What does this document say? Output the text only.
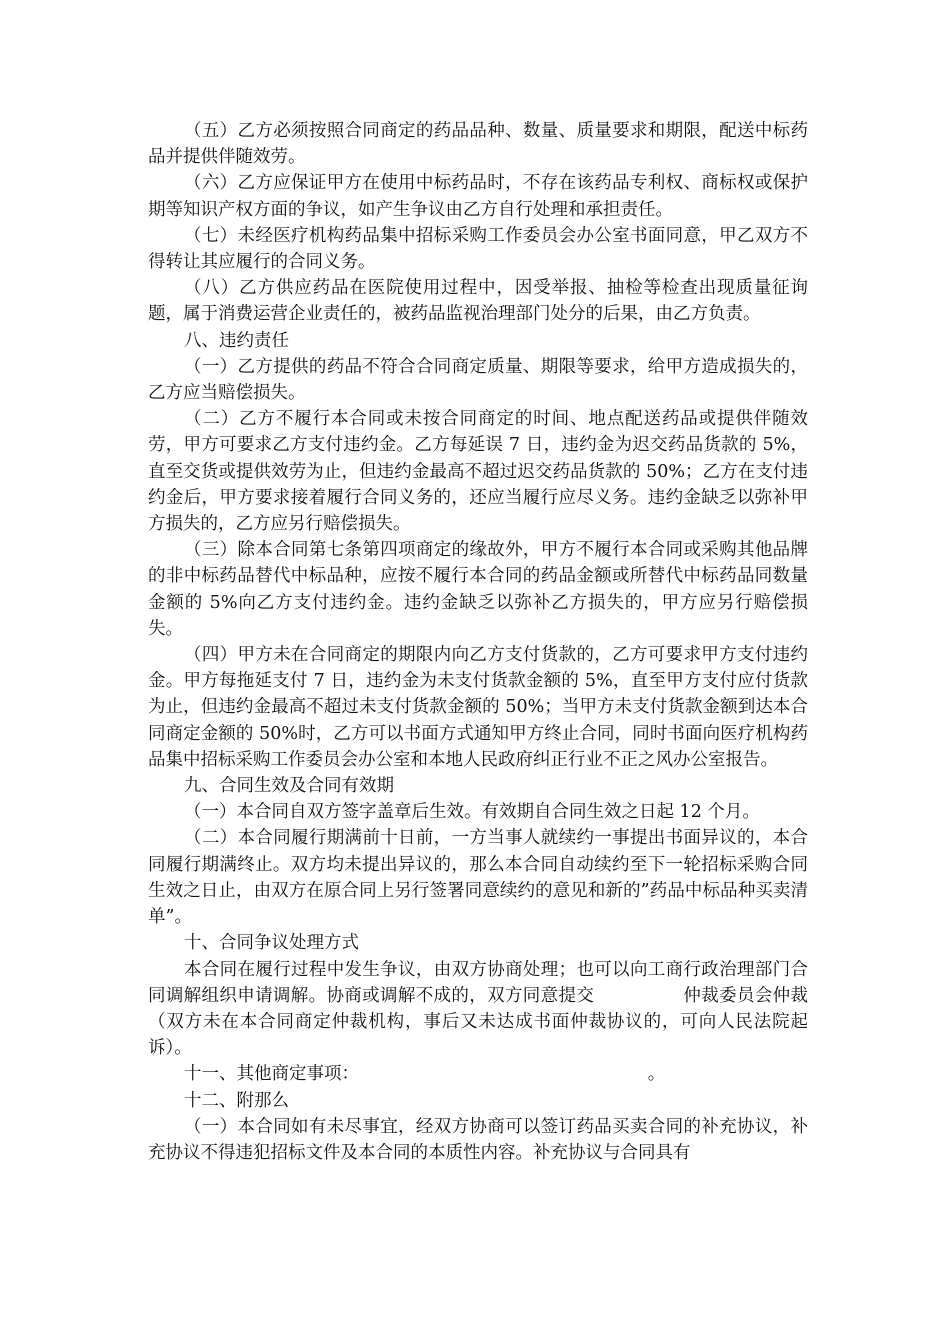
（五）乙方必须按照合同商定的药品品种、数量、质量要求和期限，配送中标药品并提供伴随效劳。

（六）乙方应保证甲方在使用中标药品时，不存在该药品专利权、商标权或保护期等知识产权方面的争议，如产生争议由乙方自行处理和承担责任。

（七）未经医疗机构药品集中招标采购工作委员会办公室书面同意，甲乙双方不得转让其应履行的合同义务。

（八）乙方供应药品在医院使用过程中，因受举报、抽检等检查出现质量征询题，属于消费运营企业责任的，被药品监视治理部门处分的后果，由乙方负责。

八、违约责任

（一）乙方提供的药品不符合合同商定质量、期限等要求，给甲方造成损失的，乙方应当赔偿损失。

（二）乙方不履行本合同或未按合同商定的时间、地点配送药品或提供伴随效劳，甲方可要求乙方支付违约金。乙方每延误 7 日，违约金为迟交药品货款的 5%，直至交货或提供效劳为止，但违约金最高不超过迟交药品货款的 50%；乙方在支付违约金后，甲方要求接着履行合同义务的，还应当履行应尽义务。违约金缺乏以弥补甲方损失的，乙方应另行赔偿损失。

（三）除本合同第七条第四项商定的缘故外，甲方不履行本合同或采购其他品牌的非中标药品替代中标品种，应按不履行本合同的药品金额或所替代中标药品同数量金额的 5%向乙方支付违约金。违约金缺乏以弥补乙方损失的，甲方应另行赔偿损失。

（四）甲方未在合同商定的期限内向乙方支付货款的，乙方可要求甲方支付违约金。甲方每拖延支付 7 日，违约金为未支付货款金额的 5%，直至甲方支付应付货款为止，但违约金最高不超过未支付货款金额的 50%；当甲方未支付货款金额到达本合同商定金额的 50%时，乙方可以书面方式通知甲方终止合同，同时书面向医疗机构药品集中招标采购工作委员会办公室和本地人民政府纠正行业不正之风办公室报告。

九、合同生效及合同有效期

（一）本合同自双方签字盖章后生效。有效期自合同生效之日起 12 个月。

（二）本合同履行期满前十日前，一方当事人就续约一事提出书面异议的，本合同履行期满终止。双方均未提出异议的，那么本合同自动续约至下一轮招标采购合同生效之日止，由双方在原合同上另行签署同意续约的意见和新的”药品中标品种买卖清单”。

十、合同争议处理方式

本合同在履行过程中发生争议，由双方协商处理；也可以向工商行政治理部门合同调解组织申请调解。协商或调解不成的，双方同意提交　　　　　仲裁委员会仲裁（双方未在本合同商定仲裁机构，事后又未达成书面仲裁协议的，可向人民法院起诉）。

十一、其他商定事项：　　　　　　　　　　　　　　　　　。

十二、附那么

（一）本合同如有未尽事宜，经双方协商可以签订药品买卖合同的补充协议，补充协议不得违犯招标文件及本合同的本质性内容。补充协议与合同具有
